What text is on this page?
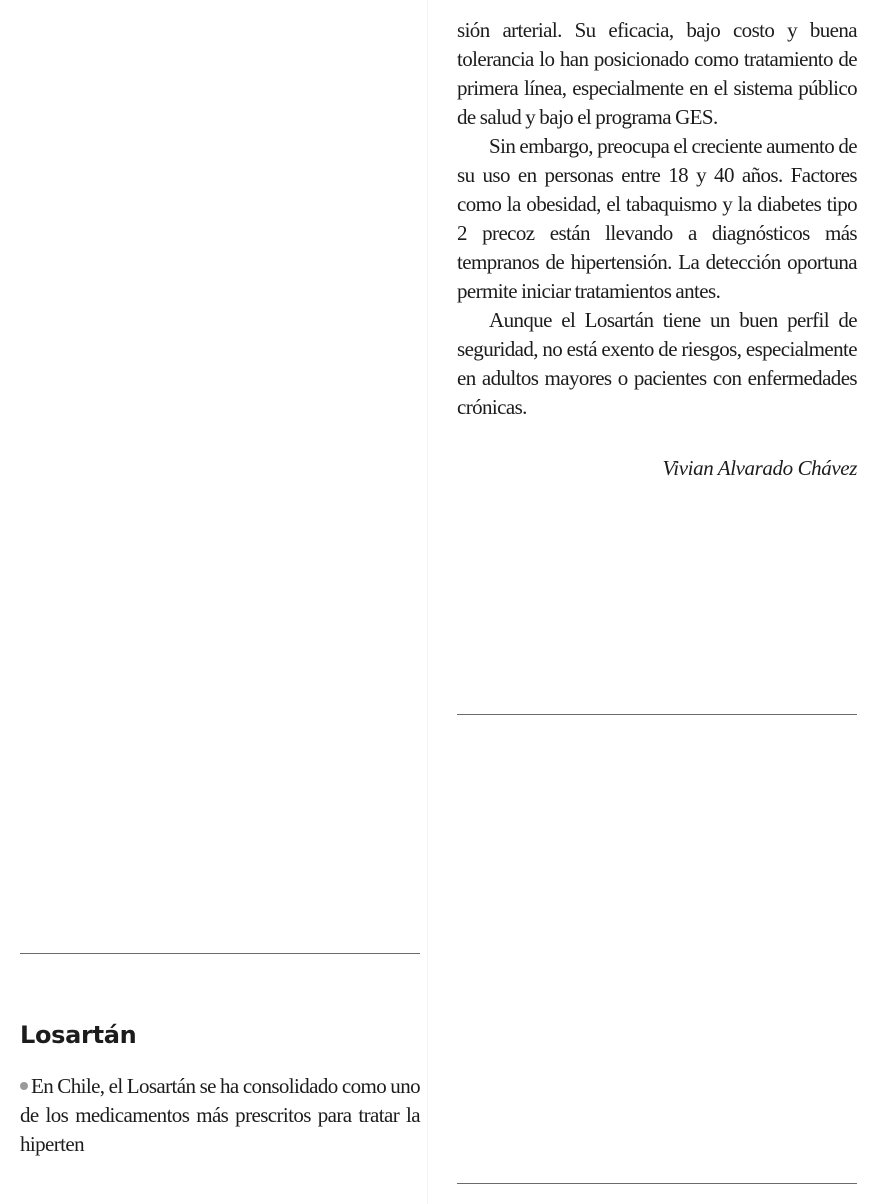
sión arterial. Su eficacia, bajo costo y buena tolerancia lo han posicionado como tratamiento de primera línea, especialmente en el sistema público de salud y bajo el programa GES.

Sin embargo, preocupa el creciente aumento de su uso en personas entre 18 y 40 años. Factores como la obesidad, el tabaquismo y la diabetes tipo 2 precoz están llevando a diagnósticos más tempranos de hipertensión. La detección oportuna permite iniciar tratamientos antes.

Aunque el Losartán tiene un buen perfil de seguridad, no está exento de riesgos, especialmente en adultos mayores o pacientes con enfermedades crónicas.

Vivian Alvarado Chávez

Losartán

En Chile, el Losartán se ha consolidado como uno de los medicamentos más prescritos para tratar la hiperten
